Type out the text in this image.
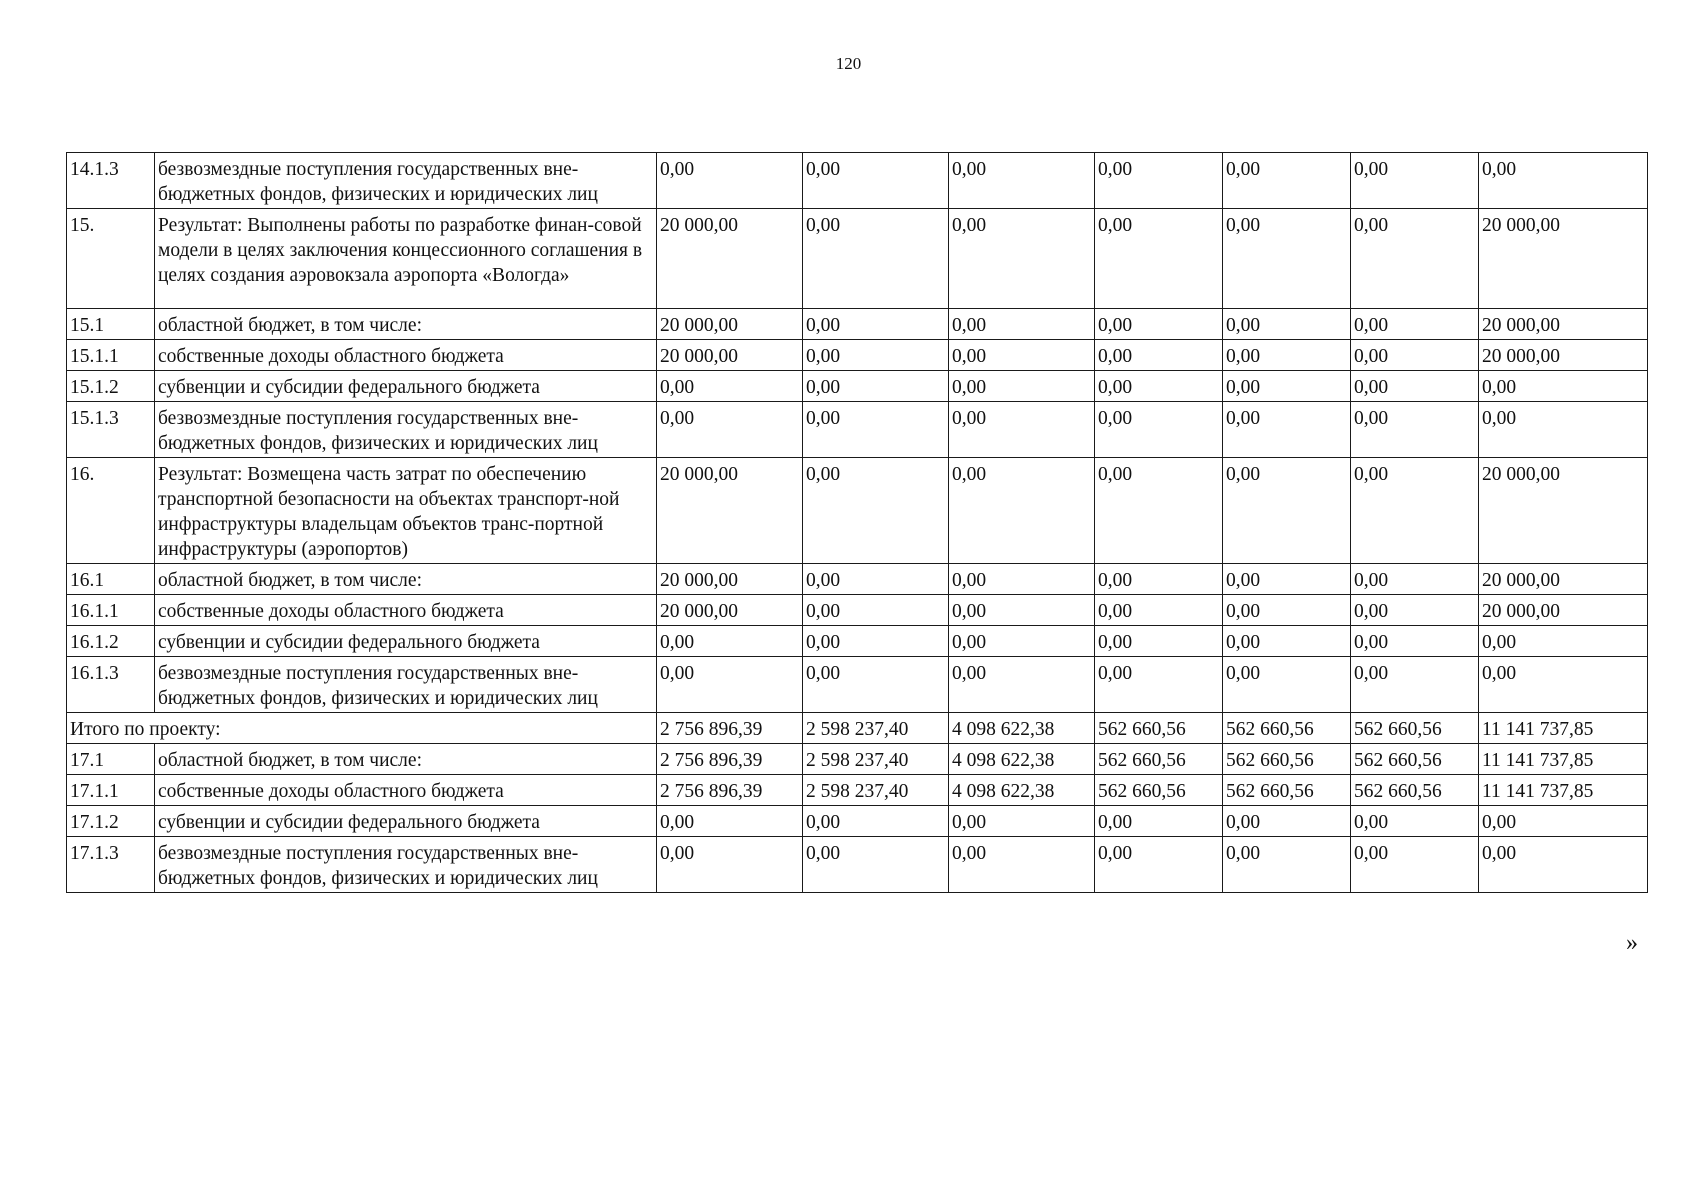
120
14.1.3	безвозмездные поступления государственных вне-бюджетных фондов, физических и юридических лиц	0,00	0,00	0,00	0,00	0,00	0,00	0,00
15.	Результат: Выполнены работы по разработке финан-совой модели в целях заключения концессионного соглашения в целях создания аэровокзала аэропорта «Вологда»	20 000,00	0,00	0,00	0,00	0,00	0,00	20 000,00
15.1	областной бюджет, в том числе:	20 000,00	0,00	0,00	0,00	0,00	0,00	20 000,00
15.1.1	собственные доходы областного бюджета	20 000,00	0,00	0,00	0,00	0,00	0,00	20 000,00
15.1.2	субвенции и субсидии федерального бюджета	0,00	0,00	0,00	0,00	0,00	0,00	0,00
15.1.3	безвозмездные поступления государственных вне-бюджетных фондов, физических и юридических лиц	0,00	0,00	0,00	0,00	0,00	0,00	0,00
16.	Результат: Возмещена часть затрат по обеспечению транспортной безопасности на объектах транспорт-ной инфраструктуры владельцам объектов транс-портной инфраструктуры (аэропортов)	20 000,00	0,00	0,00	0,00	0,00	0,00	20 000,00
16.1	областной бюджет, в том числе:	20 000,00	0,00	0,00	0,00	0,00	0,00	20 000,00
16.1.1	собственные доходы областного бюджета	20 000,00	0,00	0,00	0,00	0,00	0,00	20 000,00
16.1.2	субвенции и субсидии федерального бюджета	0,00	0,00	0,00	0,00	0,00	0,00	0,00
16.1.3	безвозмездные поступления государственных вне-бюджетных фондов, физических и юридических лиц	0,00	0,00	0,00	0,00	0,00	0,00	0,00
Итого по проекту:		2 756 896,39	2 598 237,40	4 098 622,38	562 660,56	562 660,56	562 660,56	11 141 737,85
17.1	областной бюджет, в том числе:	2 756 896,39	2 598 237,40	4 098 622,38	562 660,56	562 660,56	562 660,56	11 141 737,85
17.1.1	собственные доходы областного бюджета	2 756 896,39	2 598 237,40	4 098 622,38	562 660,56	562 660,56	562 660,56	11 141 737,85
17.1.2	субвенции и субсидии федерального бюджета	0,00	0,00	0,00	0,00	0,00	0,00	0,00
17.1.3	безвозмездные поступления государственных вне-бюджетных фондов, физических и юридических лиц	0,00	0,00	0,00	0,00	0,00	0,00	0,00
»
